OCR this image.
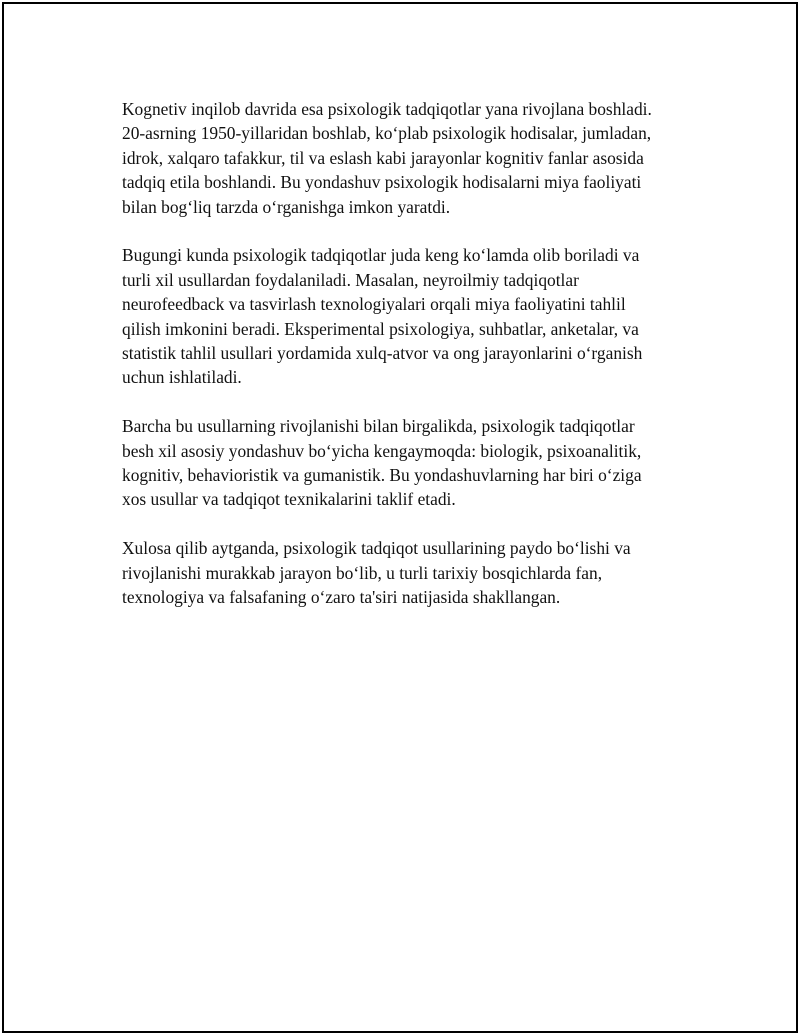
Kognetiv inqilob davrida esa psixologik tadqiqotlar yana rivojlana boshladi.
20-asrning 1950-yillaridan boshlab, ko‘plab psixologik hodisalar, jumladan,
idrok, xalqaro tafakkur, til va eslash kabi jarayonlar kognitiv fanlar asosida
tadqiq etila boshlandi. Bu yondashuv psixologik hodisalarni miya faoliyati
bilan bog‘liq tarzda o‘rganishga imkon yaratdi.

Bugungi kunda psixologik tadqiqotlar juda keng ko‘lamda olib boriladi va
turli xil usullardan foydalaniladi. Masalan, neyroilmiy tadqiqotlar
neurofeedback va tasvirlash texnologiyalari orqali miya faoliyatini tahlil
qilish imkonini beradi. Eksperimental psixologiya, suhbatlar, anketalar, va
statistik tahlil usullari yordamida xulq-atvor va ong jarayonlarini o‘rganish
uchun ishlatiladi.

Barcha bu usullarning rivojlanishi bilan birgalikda, psixologik tadqiqotlar
besh xil asosiy yondashuv bo‘yicha kengaymoqda: biologik, psixoanalitik,
kognitiv, behavioristik va gumanistik. Bu yondashuvlarning har biri o‘ziga
xos usullar va tadqiqot texnikalarini taklif etadi.

Xulosa qilib aytganda, psixologik tadqiqot usullarining paydo bo‘lishi va
rivojlanishi murakkab jarayon bo‘lib, u turli tarixiy bosqichlarda fan,
texnologiya va falsafaning o‘zaro ta'siri natijasida shakllangan.
